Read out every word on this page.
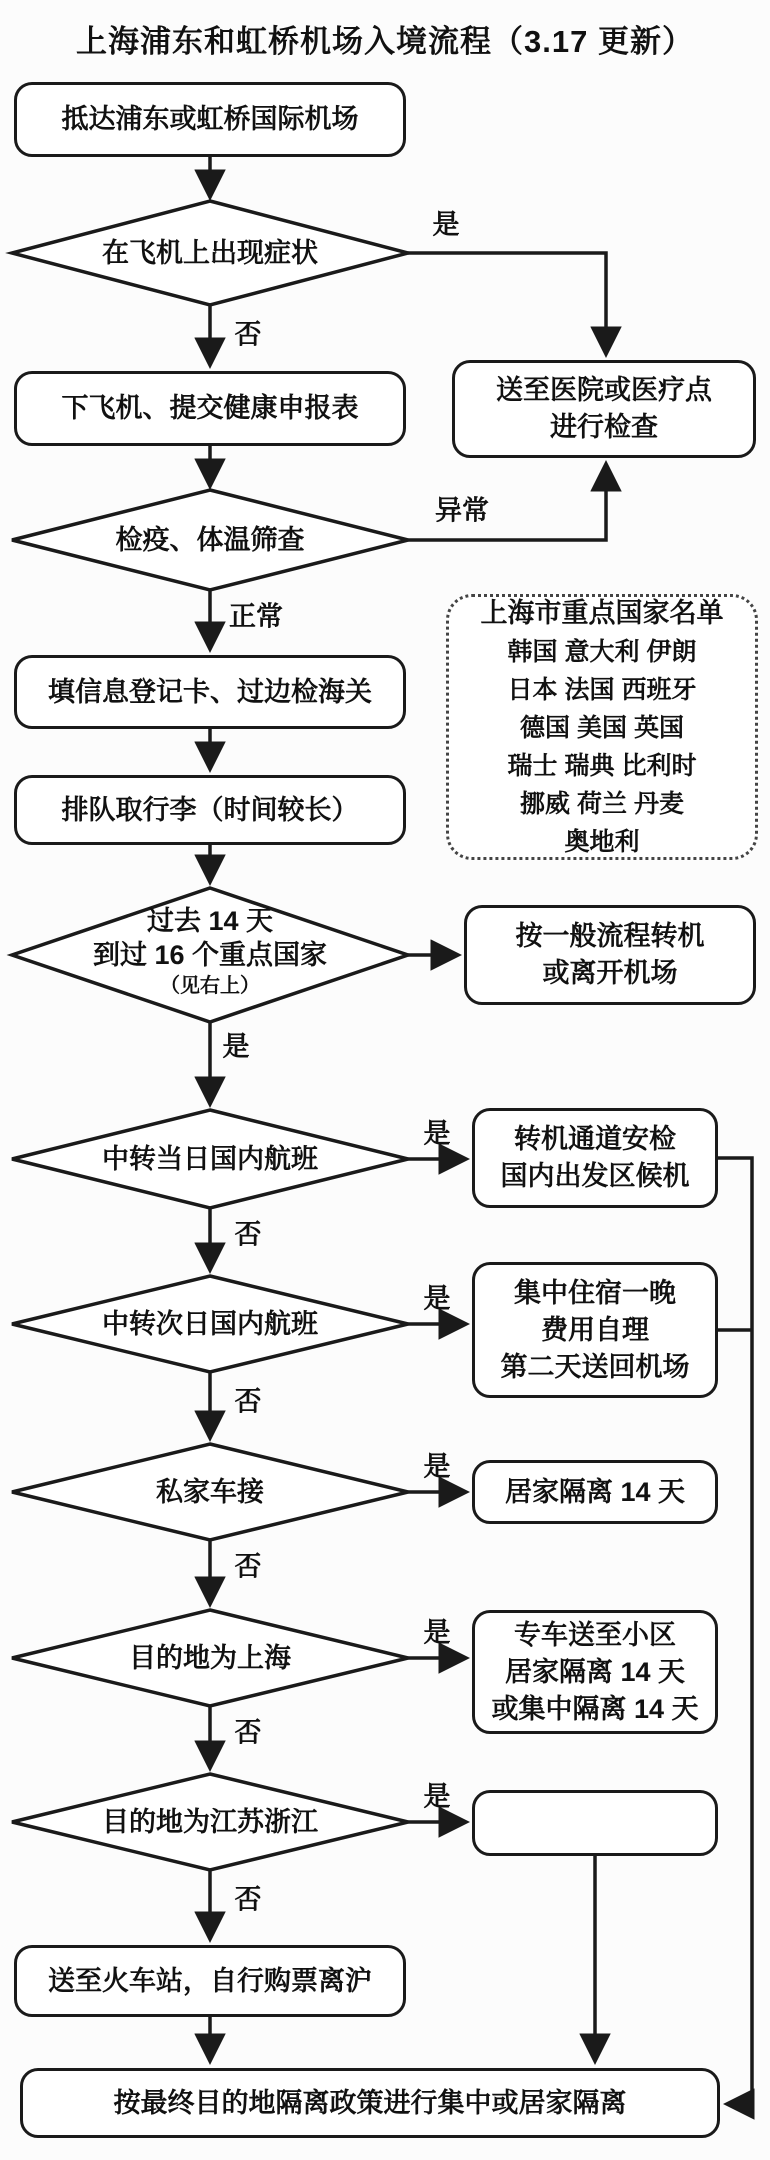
上海浦东和虹桥机场入境流程（3.17 更新）
抵达浦东或虹桥国际机场
送至医院或医疗点
进行检查
下飞机、提交健康申报表
填信息登记卡、过边检海关
排队取行李（时间较长）
上海市重点国家名单
韩国 意大利 伊朗
日本 法国 西班牙
德国 美国 英国
瑞士 瑞典 比利时
挪威 荷兰 丹麦
奥地利
按一般流程转机
或离开机场
转机通道安检
国内出发区候机
集中住宿一晚
费用自理
第二天送回机场
居家隔离 14 天
专车送至小区
居家隔离 14 天
或集中隔离 14 天
送至火车站，自行购票离沪
按最终目的地隔离政策进行集中或居家隔离
在飞机上出现症状
检疫、体温筛查
过去 14 天
到过 16 个重点国家
（见右上）
中转当日国内航班
中转次日国内航班
私家车接
目的地为上海
目的地为江苏浙江
是
否
异常
正常
是
是
否
是
否
是
否
是
否
是
否
